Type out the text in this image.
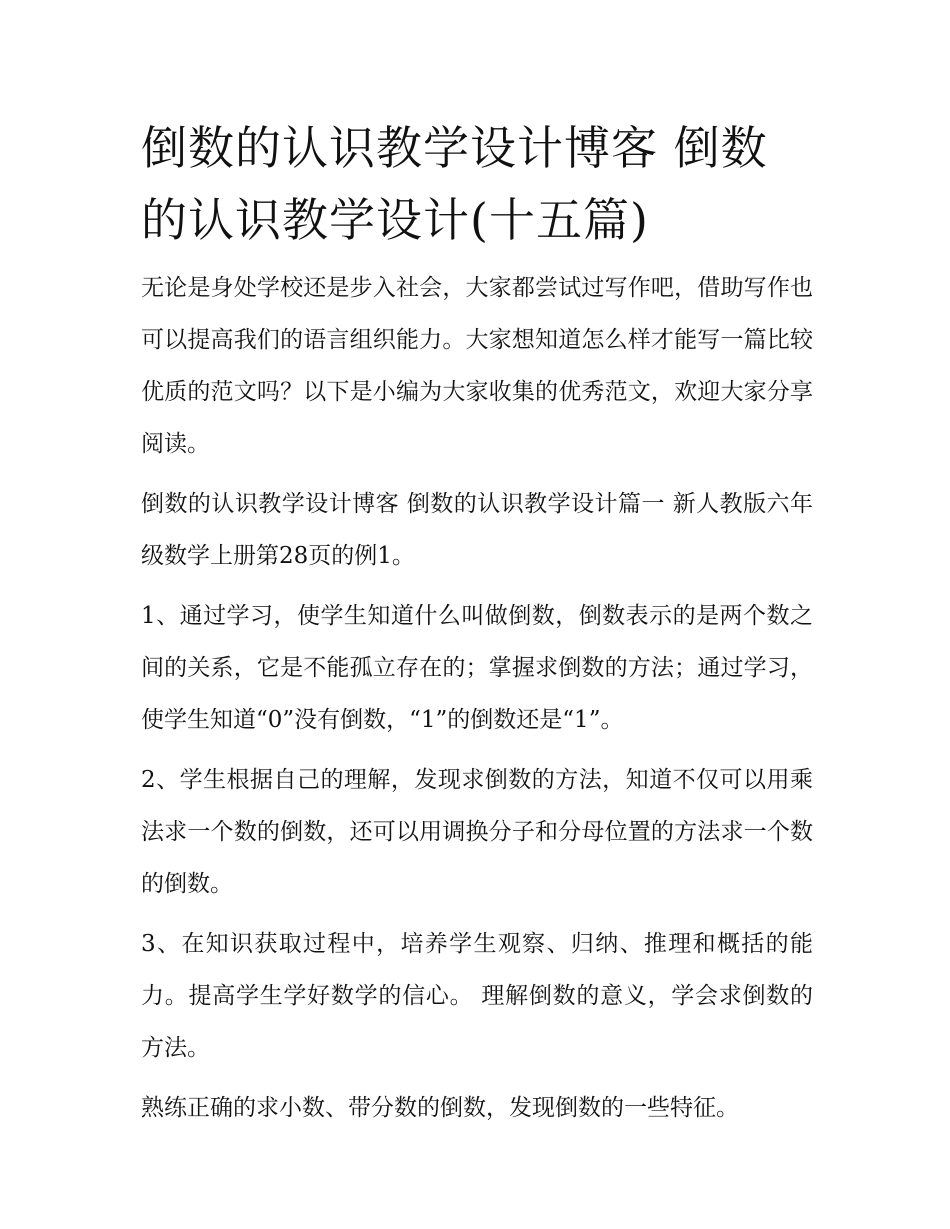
倒数的认识教学设计博客 倒数的认识教学设计(十五篇)

无论是身处学校还是步入社会，大家都尝试过写作吧，借助写作也可以提高我们的语言组织能力。大家想知道怎么样才能写一篇比较优质的范文吗？以下是小编为大家收集的优秀范文，欢迎大家分享阅读。

倒数的认识教学设计博客 倒数的认识教学设计篇一 新人教版六年级数学上册第28页的例1。

1、通过学习，使学生知道什么叫做倒数，倒数表示的是两个数之间的关系，它是不能孤立存在的；掌握求倒数的方法；通过学习，使学生知道“0”没有倒数，“1”的倒数还是“1”。

2、学生根据自己的理解，发现求倒数的方法，知道不仅可以用乘法求一个数的倒数，还可以用调换分子和分母位置的方法求一个数的倒数。

3、在知识获取过程中，培养学生观察、归纳、推理和概括的能力。提高学生学好数学的信心。 理解倒数的意义，学会求倒数的方法。

熟练正确的求小数、带分数的倒数，发现倒数的一些特征。
